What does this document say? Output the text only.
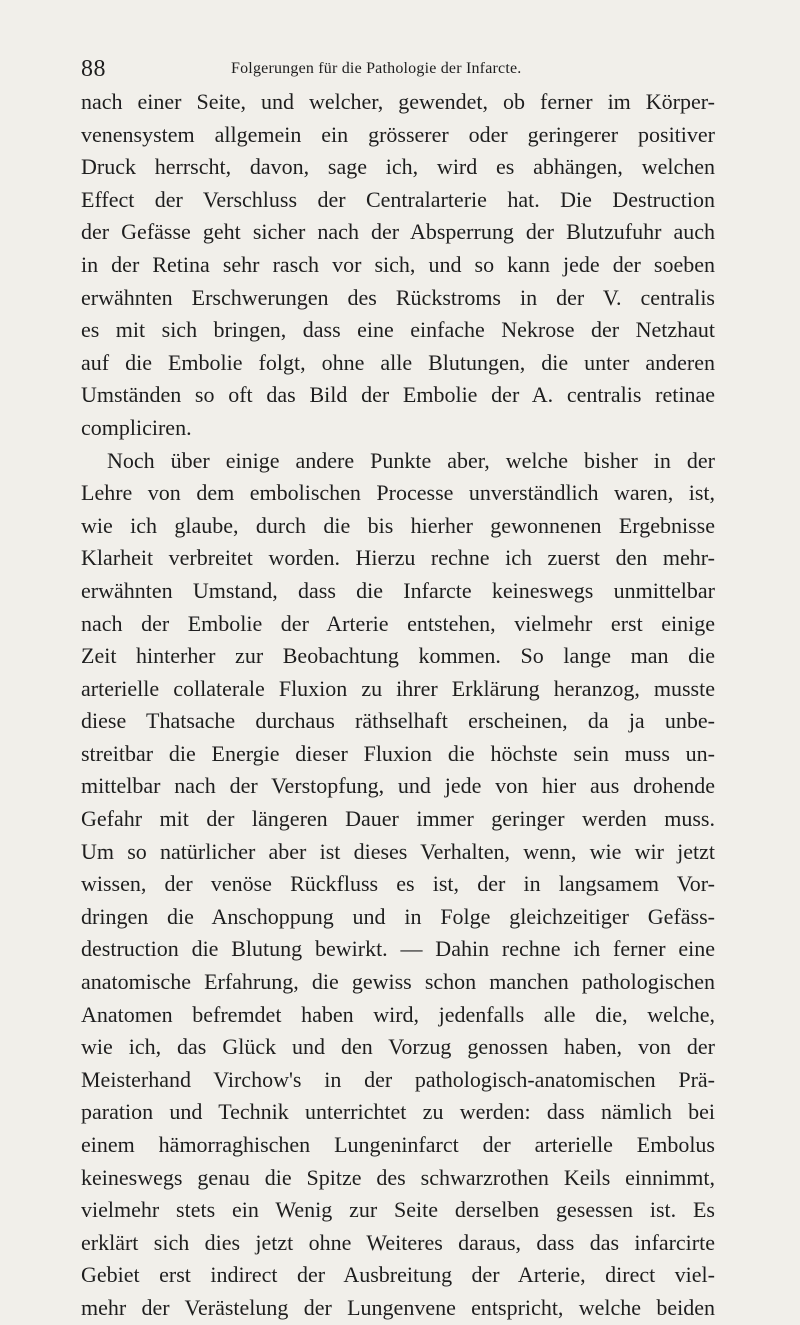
88	Folgerungen für die Pathologie der Infarcte.
nach einer Seite, und welcher, gewendet, ob ferner im Körper-
venensystem allgemein ein grösserer oder geringerer positiver
Druck herrscht, davon, sage ich, wird es abhängen, welchen
Effect der Verschluss der Centralarterie hat. Die Destruction
der Gefässe geht sicher nach der Absperrung der Blutzufuhr auch
in der Retina sehr rasch vor sich, und so kann jede der soeben
erwähnten Erschwerungen des Rückstroms in der V. centralis
es mit sich bringen, dass eine einfache Nekrose der Netzhaut
auf die Embolie folgt, ohne alle Blutungen, die unter anderen
Umständen so oft das Bild der Embolie der A. centralis retinae
compliciren.
Noch über einige andere Punkte aber, welche bisher in der
Lehre von dem embolischen Processe unverständlich waren, ist,
wie ich glaube, durch die bis hierher gewonnenen Ergebnisse
Klarheit verbreitet worden. Hierzu rechne ich zuerst den mehr-
erwähnten Umstand, dass die Infarcte keineswegs unmittelbar
nach der Embolie der Arterie entstehen, vielmehr erst einige
Zeit hinterher zur Beobachtung kommen. So lange man die
arterielle collaterale Fluxion zu ihrer Erklärung heranzog, musste
diese Thatsache durchaus räthselhaft erscheinen, da ja unbe-
streitbar die Energie dieser Fluxion die höchste sein muss un-
mittelbar nach der Verstopfung, und jede von hier aus drohende
Gefahr mit der längeren Dauer immer geringer werden muss.
Um so natürlicher aber ist dieses Verhalten, wenn, wie wir jetzt
wissen, der venöse Rückfluss es ist, der in langsamem Vor-
dringen die Anschoppung und in Folge gleichzeitiger Gefäss-
destruction die Blutung bewirkt. — Dahin rechne ich ferner eine
anatomische Erfahrung, die gewiss schon manchen pathologischen
Anatomen befremdet haben wird, jedenfalls alle die, welche,
wie ich, das Glück und den Vorzug genossen haben, von der
Meisterhand Virchow's in der pathologisch-anatomischen Prä-
paration und Technik unterrichtet zu werden: dass nämlich bei
einem hämorraghischen Lungeninfarct der arterielle Embolus
keineswegs genau die Spitze des schwarzrothen Keils einnimmt,
vielmehr stets ein Wenig zur Seite derselben gesessen ist. Es
erklärt sich dies jetzt ohne Weiteres daraus, dass das infarcirte
Gebiet erst indirect der Ausbreitung der Arterie, direct viel-
mehr der Verästelung der Lungenvene entspricht, welche beiden
